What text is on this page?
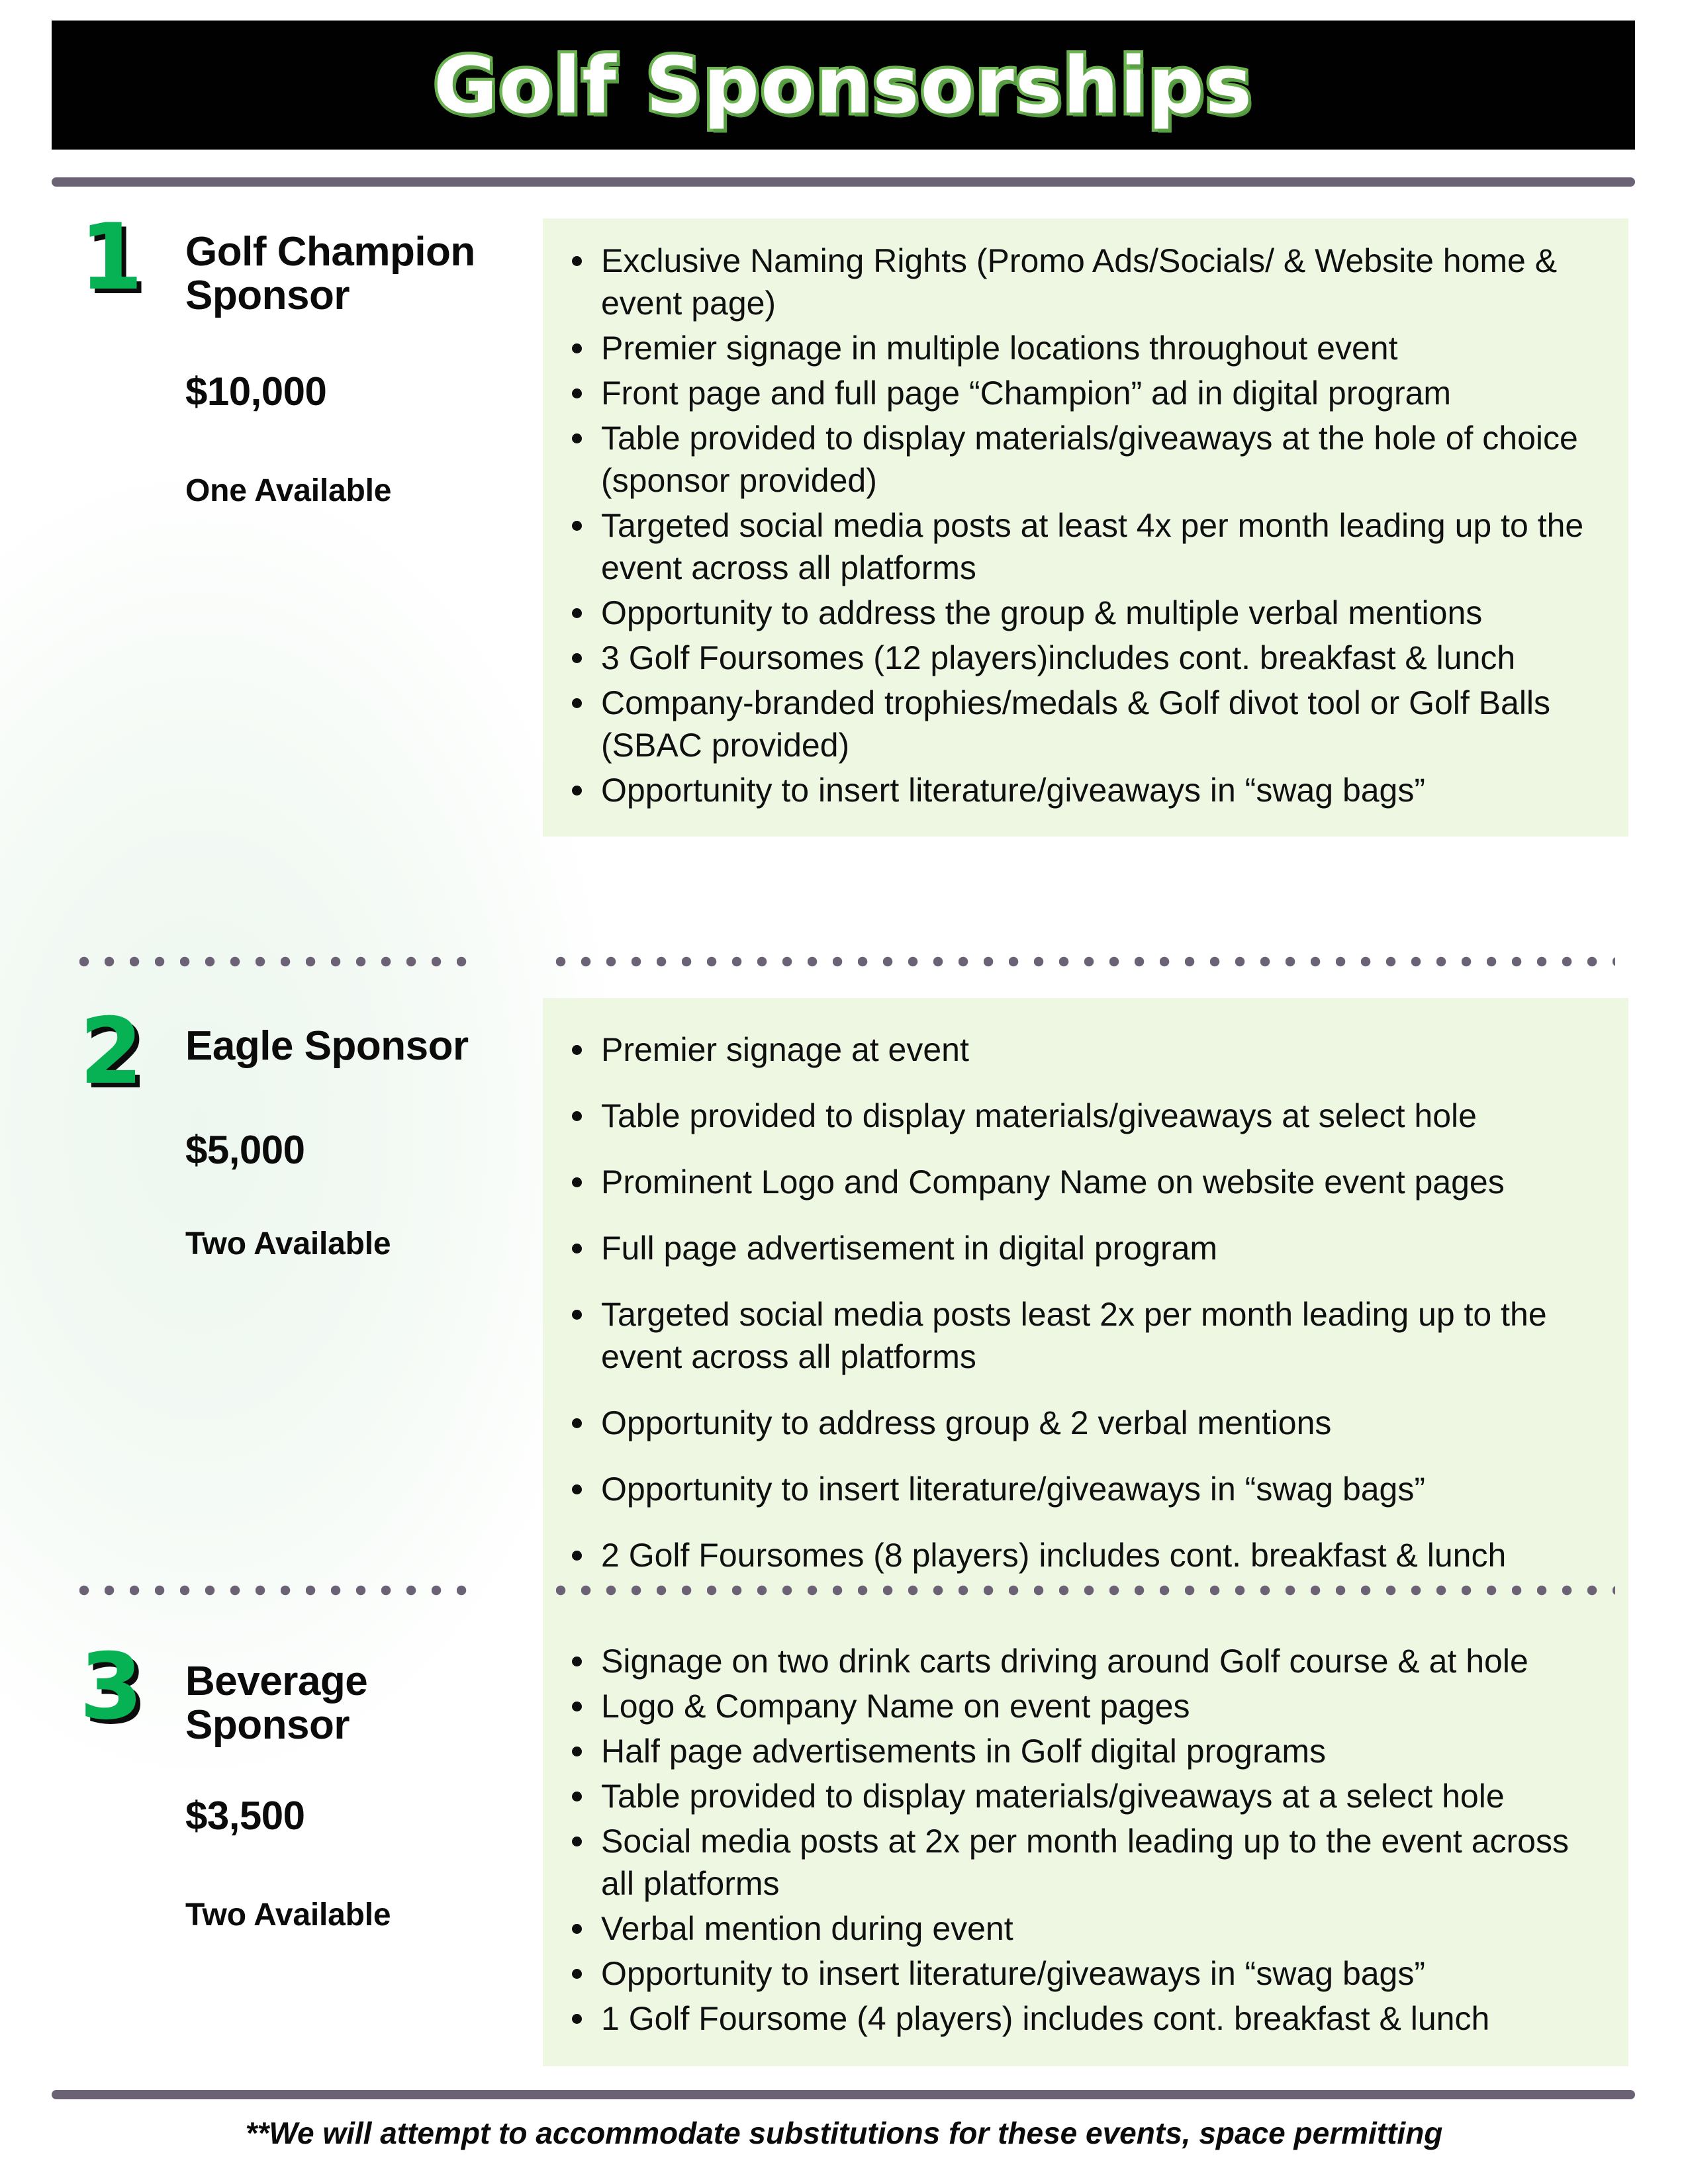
Golf Sponsorships
1	Golf Champion Sponsor
$10,000
One Available
Exclusive Naming Rights (Promo Ads/Socials/ & Website home & event page)
Premier signage in multiple locations throughout event
Front page and full page “Champion” ad in digital program
Table provided to display materials/giveaways at the hole of choice (sponsor provided)
Targeted social media posts at least 4x per month leading up to the event across all platforms
Opportunity to address the group & multiple verbal mentions
3 Golf Foursomes (12 players)includes cont. breakfast & lunch
Company-branded trophies/medals & Golf divot tool or Golf Balls (SBAC provided)
Opportunity to insert literature/giveaways in “swag bags”
2	Eagle Sponsor
$5,000
Two Available
Premier signage at event
Table provided to display materials/giveaways at select hole
Prominent Logo and Company Name on website event pages
Full page advertisement in digital program
Targeted social media posts least 2x per month leading up to the event across all platforms
Opportunity to address group & 2 verbal mentions
Opportunity to insert literature/giveaways in “swag bags”
2 Golf Foursomes (8 players) includes cont. breakfast & lunch
3	Beverage Sponsor
$3,500
Two Available
Signage on two drink carts driving around Golf course & at hole
Logo & Company Name on event pages
Half page advertisements in Golf digital programs
Table provided to display materials/giveaways at a select hole
Social media posts at 2x per month leading up to the event across all platforms
Verbal mention during event
Opportunity to insert literature/giveaways in “swag bags”
1 Golf Foursome (4 players) includes cont. breakfast & lunch
**We will attempt to accommodate substitutions for these events, space permitting
